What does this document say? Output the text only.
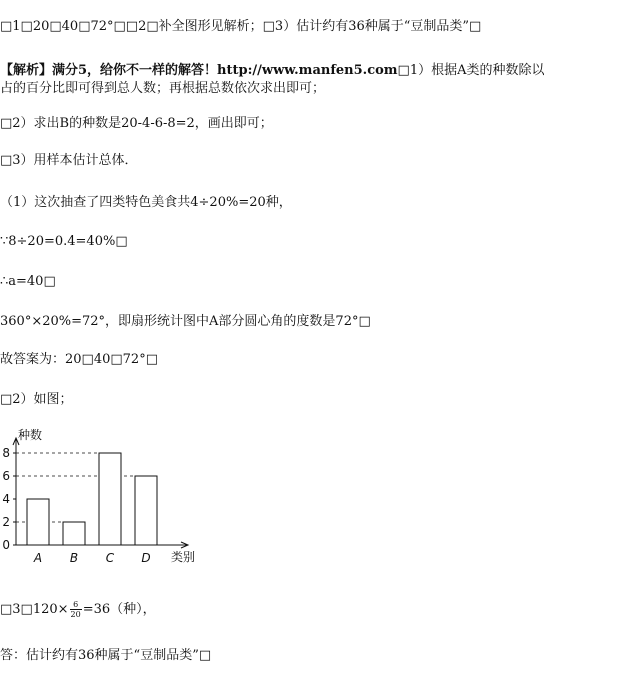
□1□20□40□72°□□2□补全图形见解析；□3）估计约有36种属于“豆制品类”□
【解析】满分5，给你不一样的解答！http://www.manfen5.com□1）根据A类的种数除以
占的百分比即可得到总人数；再根据总数依次求出即可；
□2）求出B的种数是20-4-6-8=2，画出即可；
□3）用样本估计总体．
（1）这次抽查了四类特色美食共4÷20%=20种，
∵8÷20=0.4=40%□
∴a=40□
360°×20%=72°，即扇形统计图中A部分圆心角的度数是72°□
故答案为：20□40□72°□
□2）如图；
0
2
4
6
8
A B C D
种数
类别
□3□120× $\frac{6}{20} =36$（种），
答：估计约有36种属于“豆制品类”□
